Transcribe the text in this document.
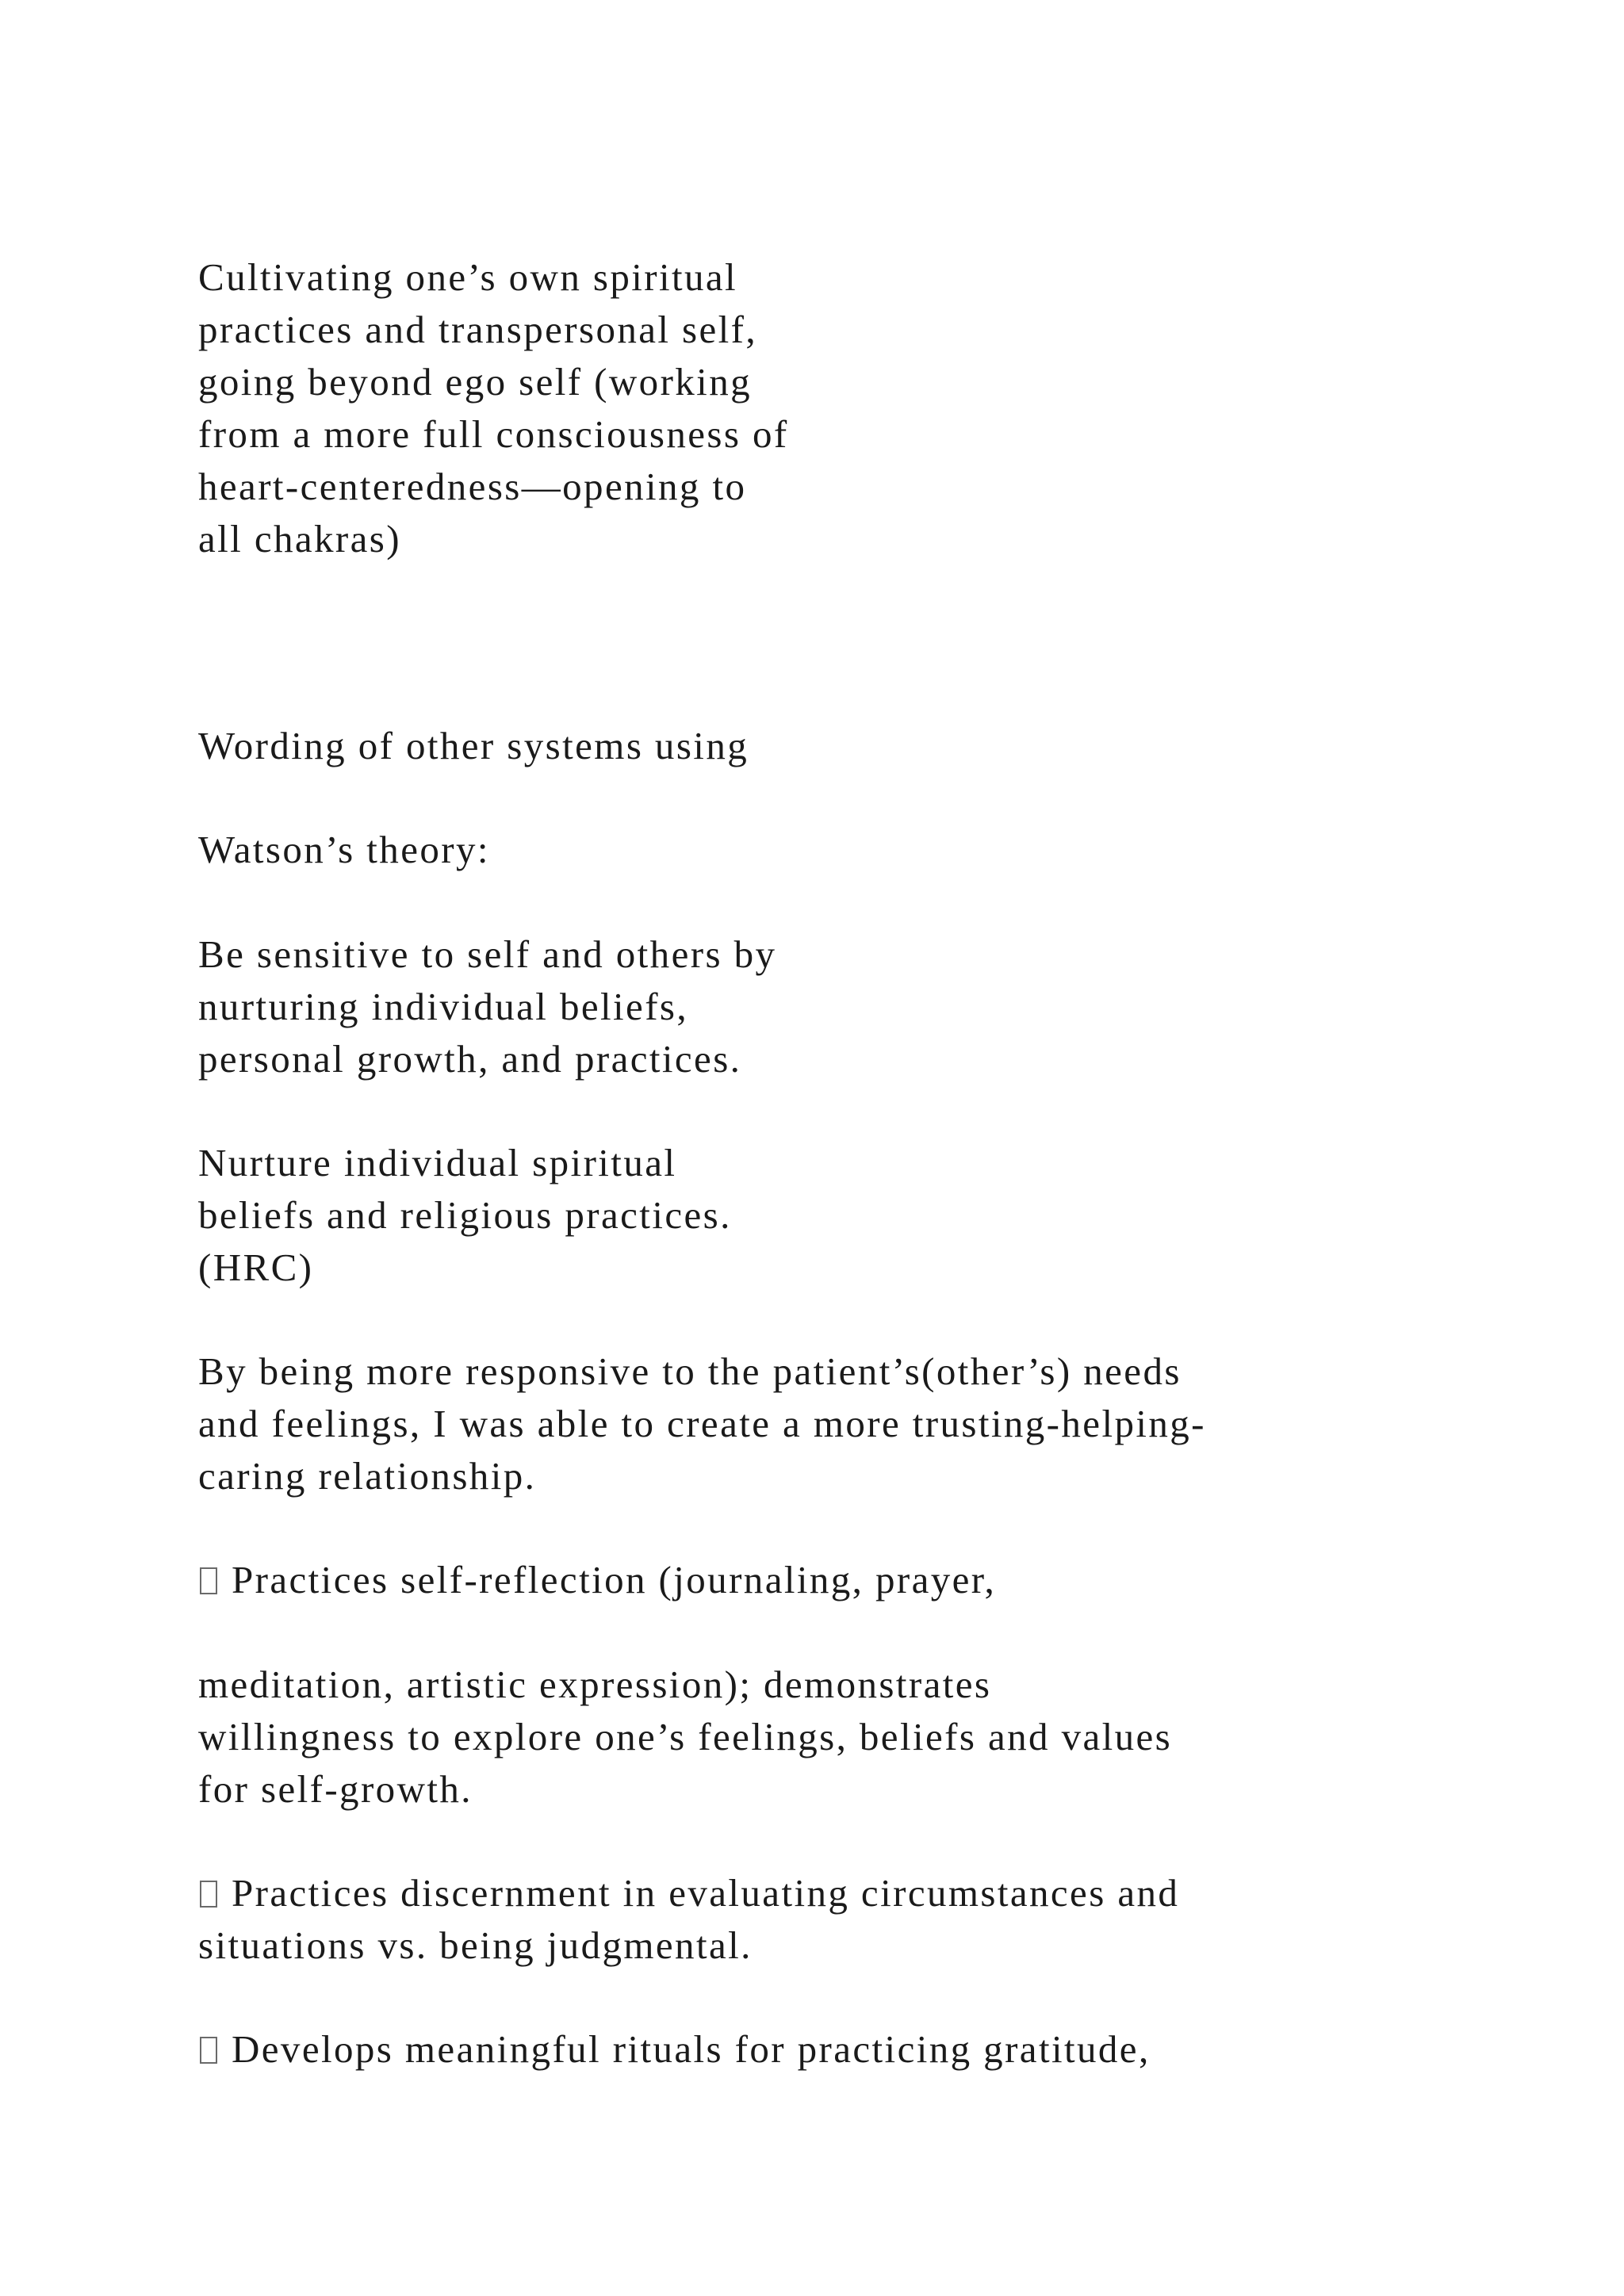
Cultivating one’s own spiritual
practices and transpersonal self,
going beyond ego self (working
from a more full consciousness of
heart-centeredness—opening to
all chakras)

Wording of other systems using

Watson’s theory:

Be sensitive to self and others by
nurturing individual beliefs,
personal growth, and practices.

Nurture individual spiritual
beliefs and religious practices.
(HRC)

By being more responsive to the patient’s(other’s) needs
and feelings, I was able to create a more trusting-helping-
caring relationship.

Practices self-reflection (journaling, prayer,

meditation, artistic expression); demonstrates
willingness to explore one’s feelings, beliefs and values
for self-growth.

Practices discernment in evaluating circumstances and
situations vs. being judgmental.

Develops meaningful rituals for practicing gratitude,
